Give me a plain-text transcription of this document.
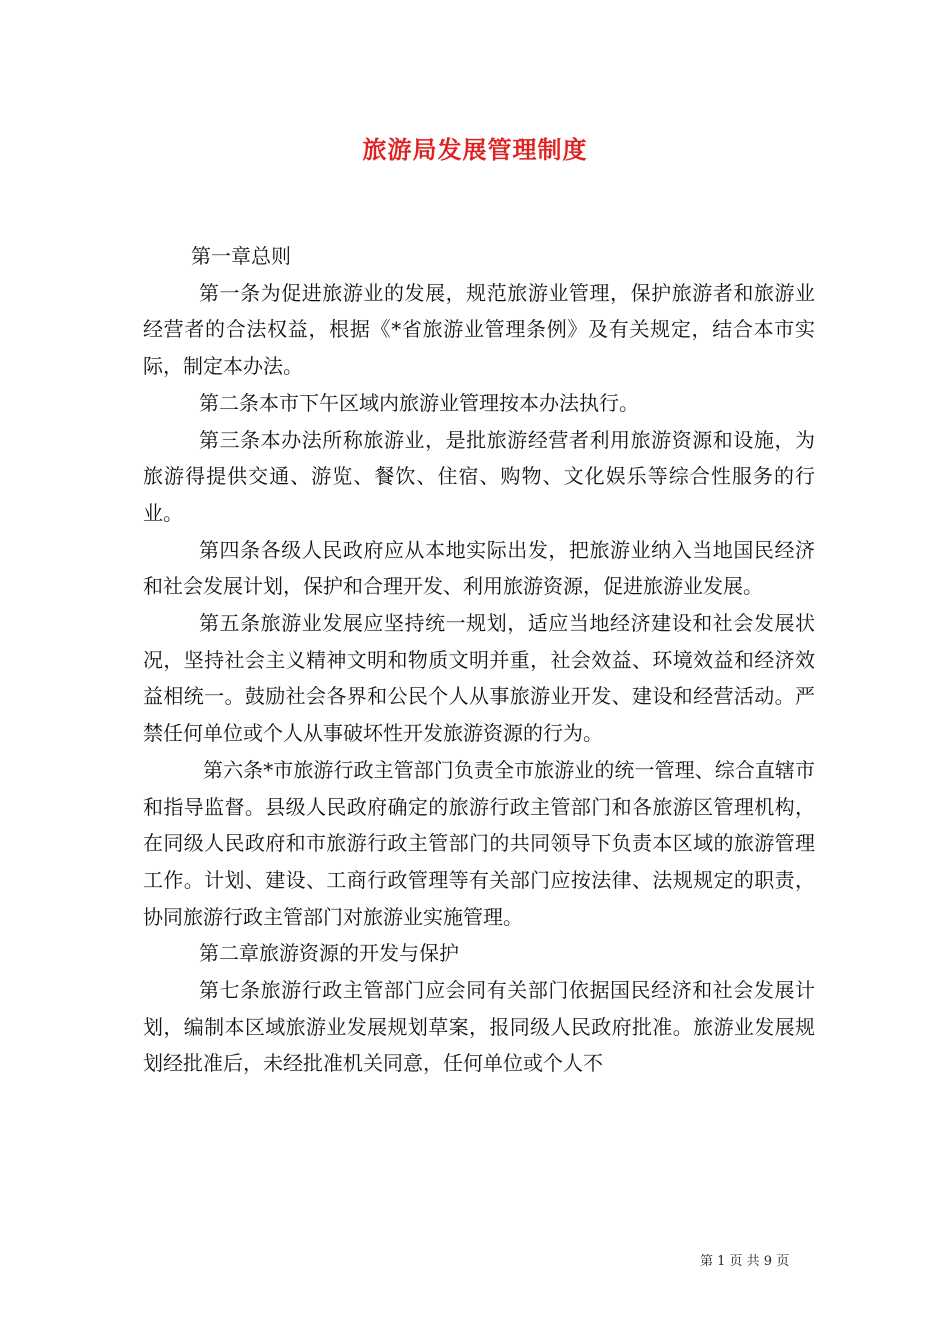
旅游局发展管理制度

第一章总则

第一条为促进旅游业的发展，规范旅游业管理，保护旅游者和旅游业经营者的合法权益，根据《*省旅游业管理条例》及有关规定，结合本市实际，制定本办法。

第二条本市下午区域内旅游业管理按本办法执行。

第三条本办法所称旅游业，是批旅游经营者利用旅游资源和设施，为旅游得提供交通、游览、餐饮、住宿、购物、文化娱乐等综合性服务的行业。

第四条各级人民政府应从本地实际出发，把旅游业纳入当地国民经济和社会发展计划，保护和合理开发、利用旅游资源，促进旅游业发展。

第五条旅游业发展应坚持统一规划，适应当地经济建设和社会发展状况，坚持社会主义精神文明和物质文明并重，社会效益、环境效益和经济效益相统一。鼓励社会各界和公民个人从事旅游业开发、建设和经营活动。严禁任何单位或个人从事破坏性开发旅游资源的行为。

第六条*市旅游行政主管部门负责全市旅游业的统一管理、综合直辖市和指导监督。县级人民政府确定的旅游行政主管部门和各旅游区管理机构，在同级人民政府和市旅游行政主管部门的共同领导下负责本区域的旅游管理工作。计划、建设、工商行政管理等有关部门应按法律、法规规定的职责，协同旅游行政主管部门对旅游业实施管理。

第二章旅游资源的开发与保护

第七条旅游行政主管部门应会同有关部门依据国民经济和社会发展计划，编制本区域旅游业发展规划草案，报同级人民政府批准。旅游业发展规划经批准后，未经批准机关同意，任何单位或个人不

第 1 页 共 9 页
